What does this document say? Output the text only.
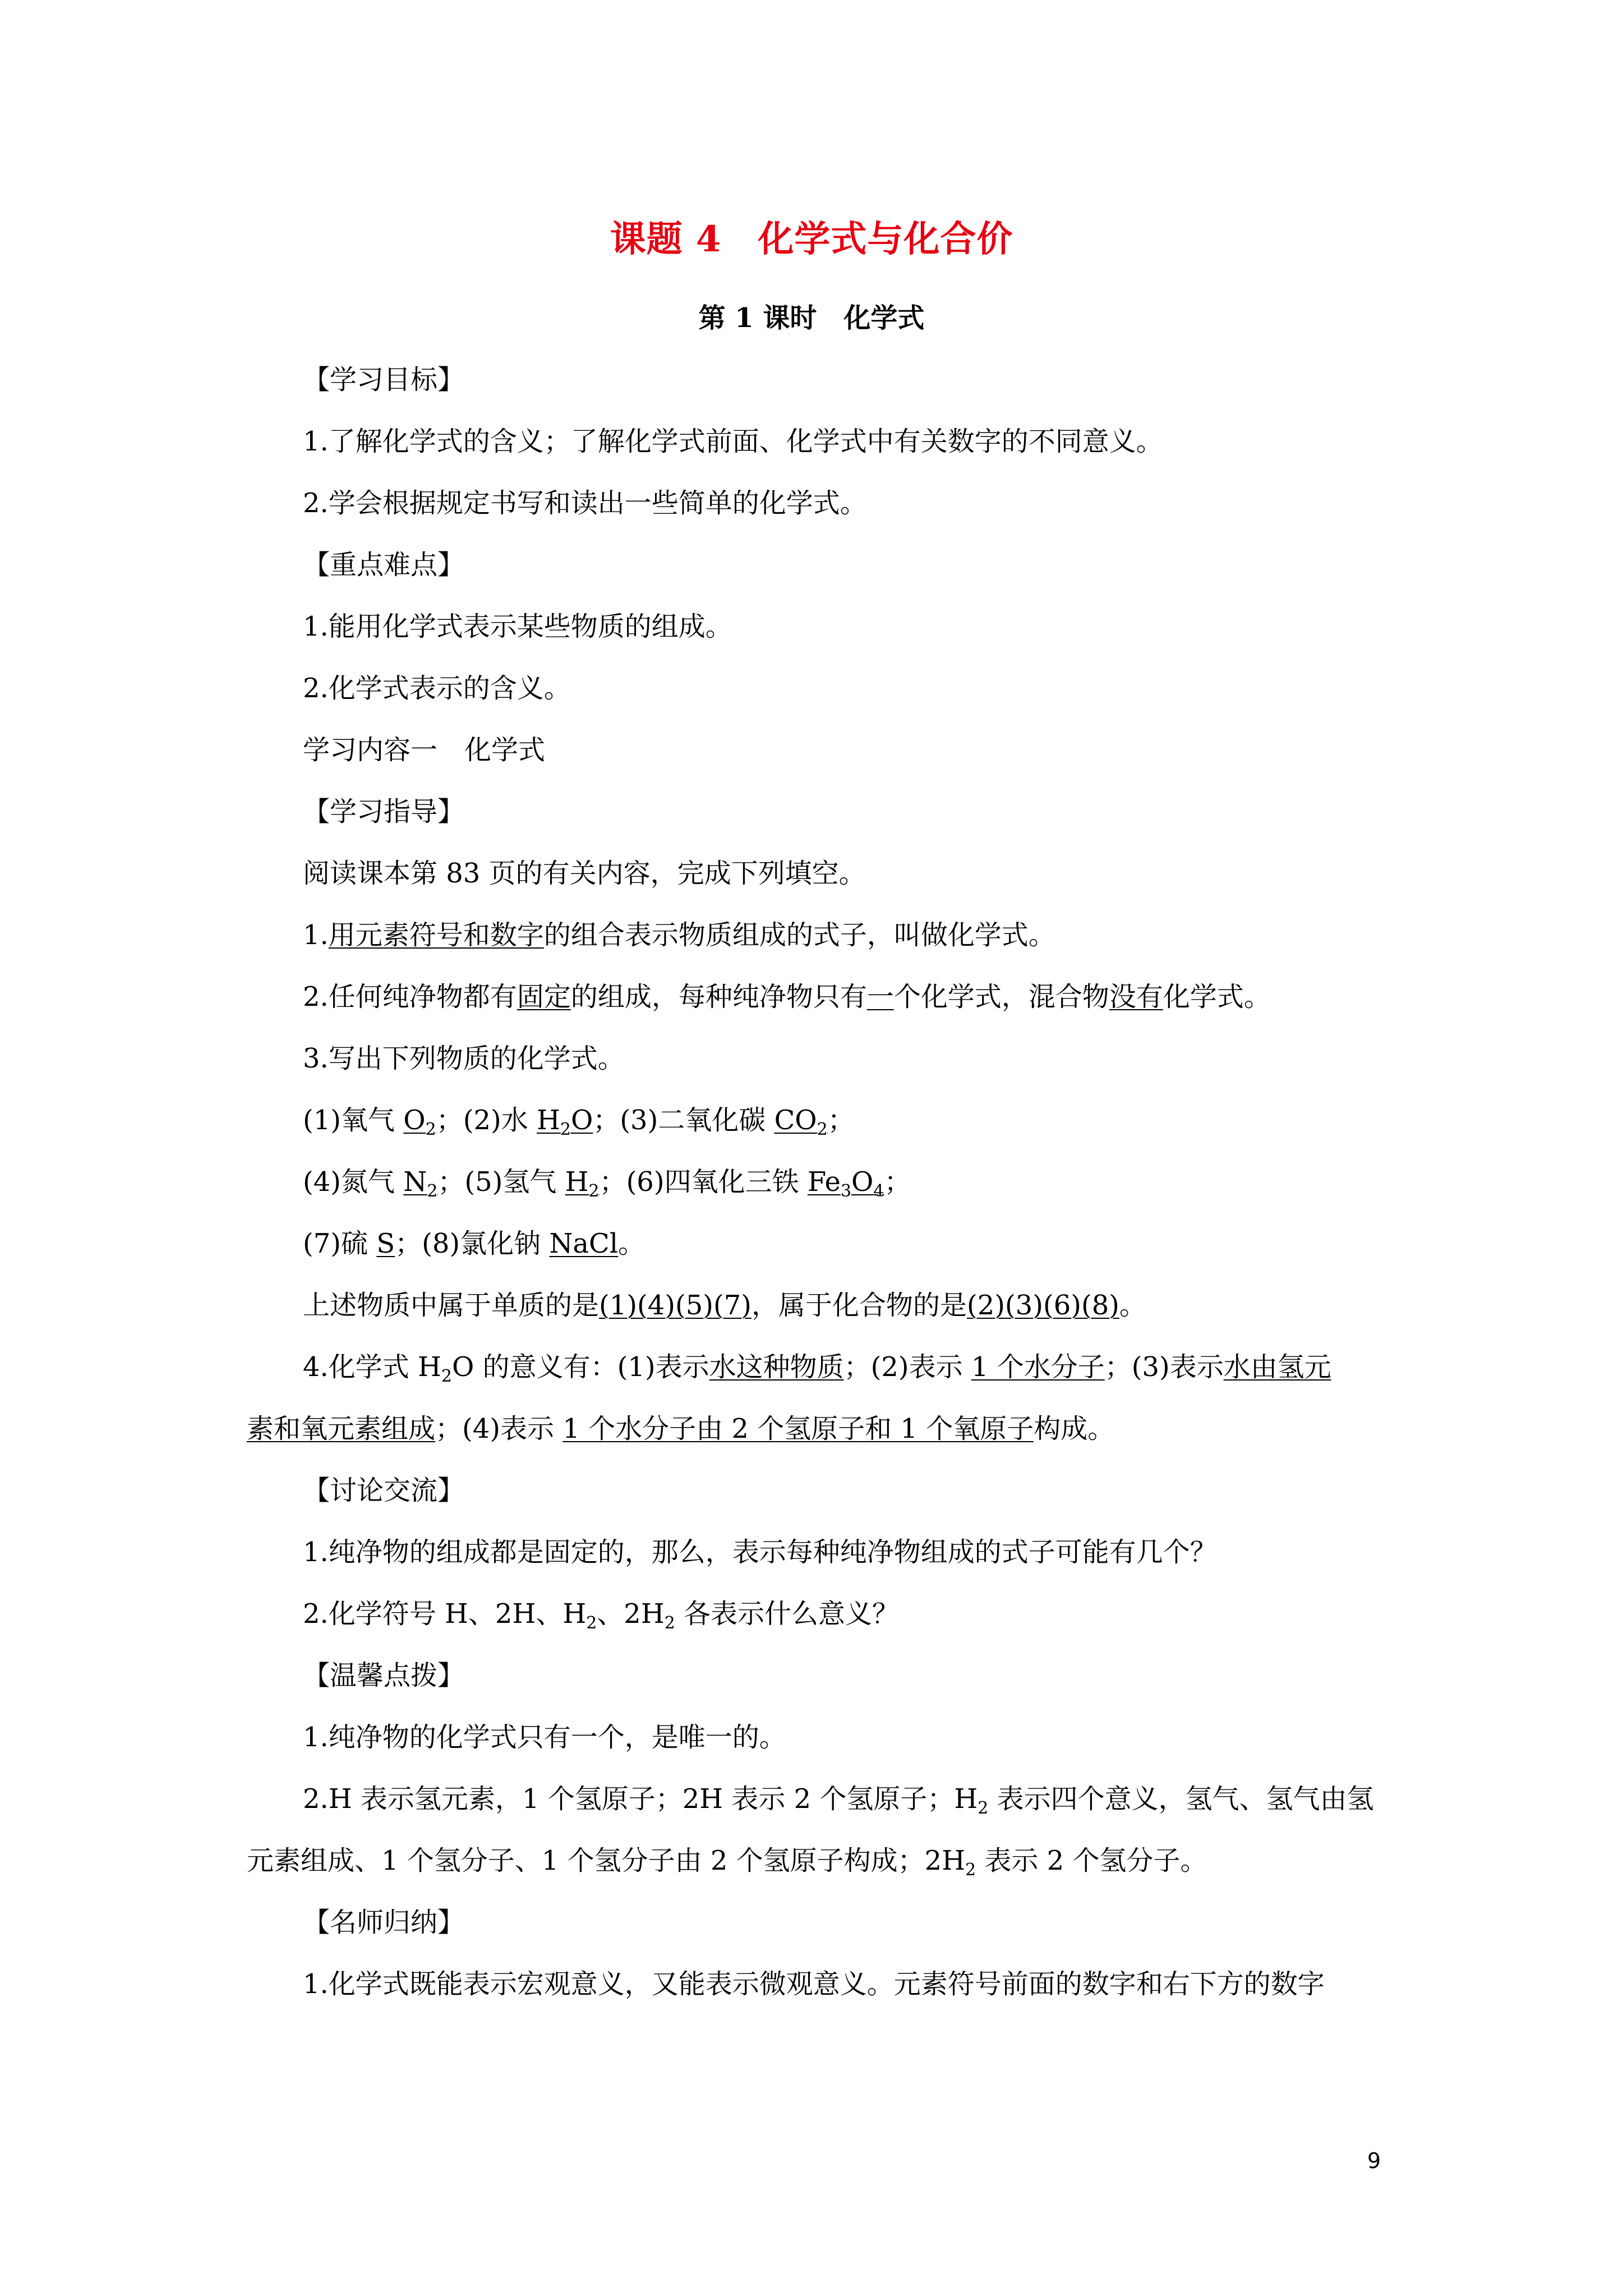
课题 4　化学式与化合价
第 1 课时　化学式
【学习目标】
1.了解化学式的含义；了解化学式前面、化学式中有关数字的不同意义。
2.学会根据规定书写和读出一些简单的化学式。
【重点难点】
1.能用化学式表示某些物质的组成。
2.化学式表示的含义。
学习内容一　化学式
【学习指导】
阅读课本第 83 页的有关内容，完成下列填空。
1.用元素符号和数字的组合表示物质组成的式子，叫做化学式。
2.任何纯净物都有固定的组成，每种纯净物只有一个化学式，混合物没有化学式。
3.写出下列物质的化学式。
(1)氧气 $O_2$；(2)水 $H_2O$；(3)二氧化碳 $CO_2$；
(4)氮气 $N_2$；(5)氢气 $H_2$；(6)四氧化三铁 $Fe_3O_4$；
(7)硫 S；(8)氯化钠 NaCl。
上述物质中属于单质的是(1)(4)(5)(7)，属于化合物的是(2)(3)(6)(8)。
4.化学式 $H_2O$ 的意义有：(1)表示水这种物质；(2)表示 1 个水分子；(3)表示水由氢元
素和氧元素组成；(4)表示 1 个水分子由 2 个氢原子和 1 个氧原子构成。
【讨论交流】
1.纯净物的组成都是固定的，那么，表示每种纯净物组成的式子可能有几个？
2.化学符号 H、2H、$H_2$、$2H_2$ 各表示什么意义？
【温馨点拨】
1.纯净物的化学式只有一个，是唯一的。
2.H 表示氢元素，1 个氢原子；2H 表示 2 个氢原子；$H_2$ 表示四个意义，氢气、氢气由氢
元素组成、1 个氢分子、1 个氢分子由 2 个氢原子构成；$2H_2$ 表示 2 个氢分子。
【名师归纳】
1.化学式既能表示宏观意义，又能表示微观意义。元素符号前面的数字和右下方的数字
9
